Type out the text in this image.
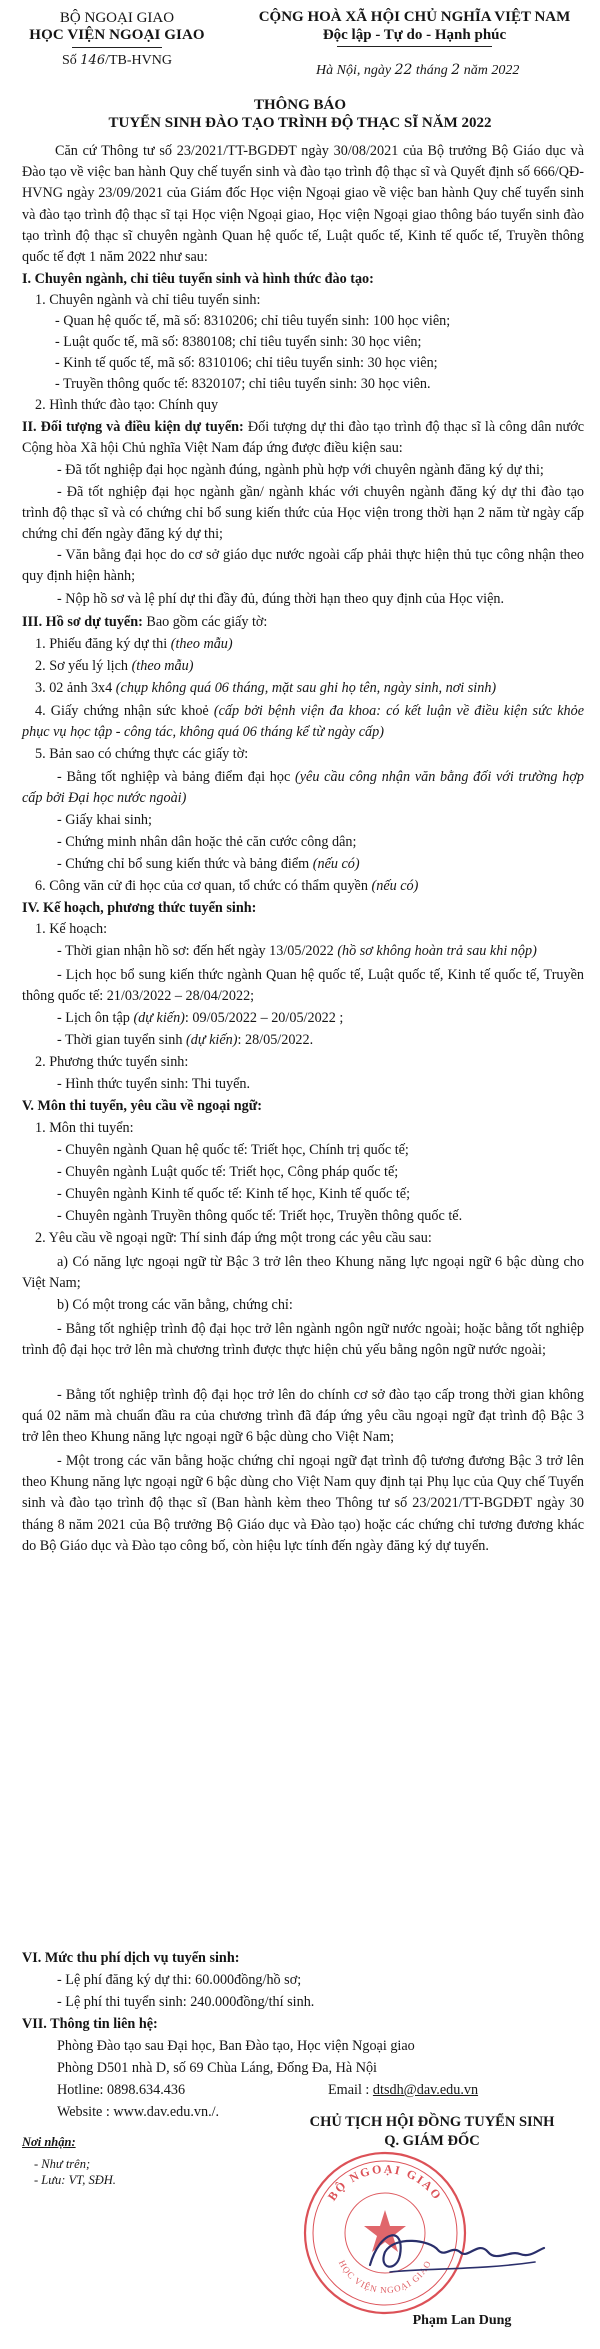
BỘ NGOẠI GIAO
HỌC VIỆN NGOẠI GIAO
Số 146/TB-HVNG
CỘNG HOÀ XÃ HỘI CHỦ NGHĨA VIỆT NAM
Độc lập - Tự do - Hạnh phúc
Hà Nội, ngày 22 tháng 2 năm 2022
THÔNG BÁO
TUYỂN SINH ĐÀO TẠO TRÌNH ĐỘ THẠC SĨ NĂM 2022
Căn cứ Thông tư số 23/2021/TT-BGDĐT ngày 30/08/2021 của Bộ trưởng Bộ Giáo dục và Đào tạo về việc ban hành Quy chế tuyển sinh và đào tạo trình độ thạc sĩ và Quyết định số 666/QĐ-HVNG ngày 23/09/2021 của Giám đốc Học viện Ngoại giao về việc ban hành Quy chế tuyển sinh và đào tạo trình độ thạc sĩ tại Học viện Ngoại giao, Học viện Ngoại giao thông báo tuyển sinh đào tạo trình độ thạc sĩ chuyên ngành Quan hệ quốc tế, Luật quốc tế, Kinh tế quốc tế, Truyền thông quốc tế đợt 1 năm 2022 như sau:
I. Chuyên ngành, chỉ tiêu tuyển sinh và hình thức đào tạo:
1. Chuyên ngành và chỉ tiêu tuyển sinh:
- Quan hệ quốc tế, mã số: 8310206; chỉ tiêu tuyển sinh: 100 học viên;
- Luật quốc tế, mã số: 8380108; chỉ tiêu tuyển sinh: 30 học viên;
- Kinh tế quốc tế, mã số: 8310106; chỉ tiêu tuyển sinh: 30 học viên;
- Truyền thông quốc tế: 8320107; chỉ tiêu tuyển sinh: 30 học viên.
2. Hình thức đào tạo: Chính quy
II. Đối tượng và điều kiện dự tuyển: Đối tượng dự thi đào tạo trình độ thạc sĩ là công dân nước Cộng hòa Xã hội Chủ nghĩa Việt Nam đáp ứng được điều kiện sau:
- Đã tốt nghiệp đại học ngành đúng, ngành phù hợp với chuyên ngành đăng ký dự thi;
- Đã tốt nghiệp đại học ngành gần/ ngành khác với chuyên ngành đăng ký dự thi đào tạo trình độ thạc sĩ và có chứng chỉ bổ sung kiến thức của Học viện trong thời hạn 2 năm từ ngày cấp chứng chỉ đến ngày đăng ký dự thi;
- Văn bằng đại học do cơ sở giáo dục nước ngoài cấp phải thực hiện thủ tục công nhận theo quy định hiện hành;
- Nộp hồ sơ và lệ phí dự thi đầy đủ, đúng thời hạn theo quy định của Học viện.
III. Hồ sơ dự tuyển: Bao gồm các giấy tờ:
1. Phiếu đăng ký dự thi (theo mẫu)
2. Sơ yếu lý lịch (theo mẫu)
3. 02 ảnh 3x4 (chụp không quá 06 tháng, mặt sau ghi họ tên, ngày sinh, nơi sinh)
4. Giấy chứng nhận sức khoẻ (cấp bởi bệnh viện đa khoa: có kết luận về điều kiện sức khỏe phục vụ học tập - công tác, không quá 06 tháng kể từ ngày cấp)
5. Bản sao có chứng thực các giấy tờ:
- Bằng tốt nghiệp và bảng điểm đại học (yêu cầu công nhận văn bằng đối với trường hợp cấp bởi Đại học nước ngoài)
- Giấy khai sinh;
- Chứng minh nhân dân hoặc thẻ căn cước công dân;
- Chứng chỉ bổ sung kiến thức và bảng điểm (nếu có)
6. Công văn cử đi học của cơ quan, tổ chức có thẩm quyền (nếu có)
IV. Kế hoạch, phương thức tuyển sinh:
1. Kế hoạch:
- Thời gian nhận hồ sơ: đến hết ngày 13/05/2022 (hồ sơ không hoàn trả sau khi nộp)
- Lịch học bổ sung kiến thức ngành Quan hệ quốc tế, Luật quốc tế, Kinh tế quốc tế, Truyền thông quốc tế: 21/03/2022 – 28/04/2022;
- Lịch ôn tập (dự kiến): 09/05/2022 – 20/05/2022 ;
- Thời gian tuyển sinh (dự kiến): 28/05/2022.
2. Phương thức tuyển sinh:
- Hình thức tuyển sinh: Thi tuyển.
V. Môn thi tuyển, yêu cầu về ngoại ngữ:
1. Môn thi tuyển:
- Chuyên ngành Quan hệ quốc tế: Triết học, Chính trị quốc tế;
- Chuyên ngành Luật quốc tế: Triết học, Công pháp quốc tế;
- Chuyên ngành Kinh tế quốc tế: Kinh tế học, Kinh tế quốc tế;
- Chuyên ngành Truyền thông quốc tế: Triết học, Truyền thông quốc tế.
2. Yêu cầu về ngoại ngữ: Thí sinh đáp ứng một trong các yêu cầu sau:
a) Có năng lực ngoại ngữ từ Bậc 3 trở lên theo Khung năng lực ngoại ngữ 6 bậc dùng cho Việt Nam;
b) Có một trong các văn bằng, chứng chỉ:
- Bằng tốt nghiệp trình độ đại học trở lên ngành ngôn ngữ nước ngoài; hoặc bằng tốt nghiệp trình độ đại học trở lên mà chương trình được thực hiện chủ yếu bằng ngôn ngữ nước ngoài;
- Bằng tốt nghiệp trình độ đại học trở lên do chính cơ sở đào tạo cấp trong thời gian không quá 02 năm mà chuẩn đầu ra của chương trình đã đáp ứng yêu cầu ngoại ngữ đạt trình độ Bậc 3 trở lên theo Khung năng lực ngoại ngữ 6 bậc dùng cho Việt Nam;
- Một trong các văn bằng hoặc chứng chỉ ngoại ngữ đạt trình độ tương đương Bậc 3 trở lên theo Khung năng lực ngoại ngữ 6 bậc dùng cho Việt Nam quy định tại Phụ lục của Quy chế Tuyển sinh và đào tạo trình độ thạc sĩ (Ban hành kèm theo Thông tư số 23/2021/TT-BGDĐT ngày 30 tháng 8 năm 2021 của Bộ trưởng Bộ Giáo dục và Đào tạo) hoặc các chứng chỉ tương đương khác do Bộ Giáo dục và Đào tạo công bố, còn hiệu lực tính đến ngày đăng ký dự tuyển.
VI. Mức thu phí dịch vụ tuyển sinh:
- Lệ phí đăng ký dự thi: 60.000đồng/hồ sơ;
- Lệ phí thi tuyển sinh: 240.000đồng/thí sinh.
VII. Thông tin liên hệ:
Phòng Đào tạo sau Đại học, Ban Đào tạo, Học viện Ngoại giao
Phòng D501 nhà D, số 69 Chùa Láng, Đống Đa, Hà Nội
Hotline: 0898.634.436	Email : dtsdh@dav.edu.vn
Website : www.dav.edu.vn./.
Nơi nhận:
- Như trên;
- Lưu: VT, SĐH.
CHỦ TỊCH HỘI ĐỒNG TUYỂN SINH
Q. GIÁM ĐỐC
BỘ NGOẠI GIAO
HỌC VIỆN NGOẠI GIAO
Phạm Lan Dung
